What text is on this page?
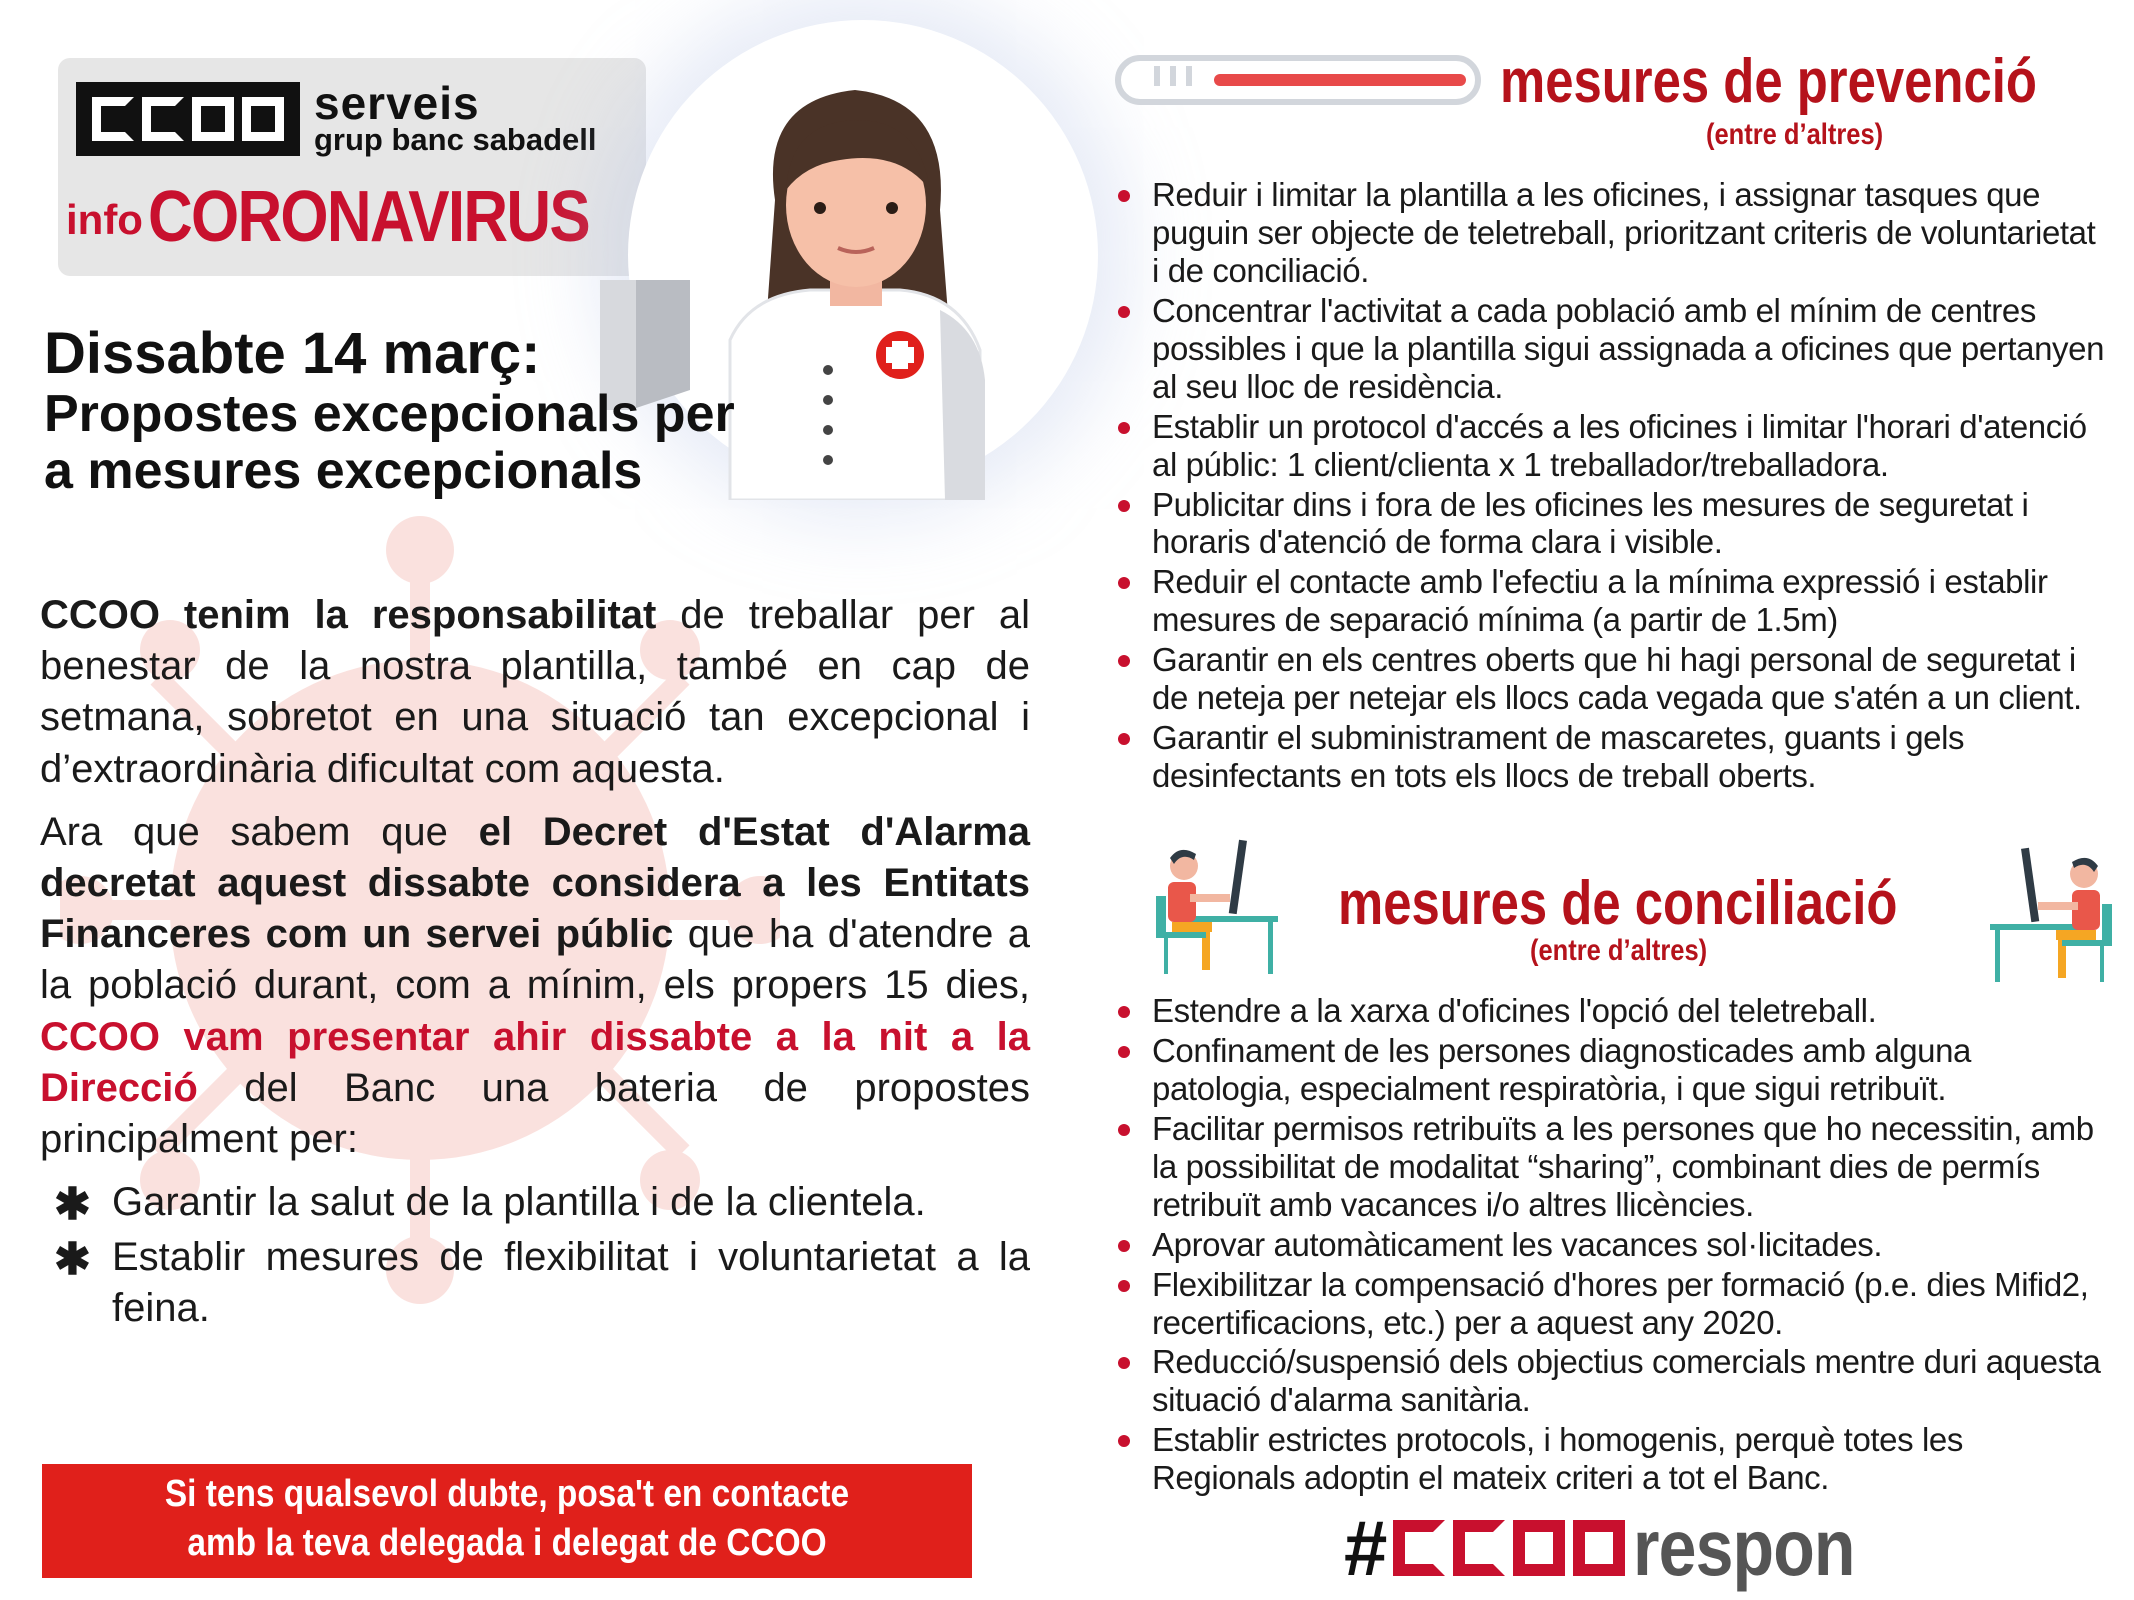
serveis
grup banc sabadell
info CORONAVIRUS
Dissabte 14 març:

Propostes excepcionals per
a mesures excepcionals

CCOO tenim la responsabilitat de treballar per al benestar de la nostra plantilla, també en cap de setmana, sobretot en una situació tan excepcional i d’extraordinària dificultat com aquesta.

Ara que sabem que el Decret d'Estat d'Alarma decretat aquest dissabte considera a les Entitats Financeres com un servei públic que ha d'atendre a la població durant, com a mínim, els propers 15 dies, CCOO vam presentar ahir dissabte a la nit a la Direcció del Banc una bateria de propostes principalment per:

✱ Garantir la salut de la plantilla i de la clientela.
✱ Establir mesures de flexibilitat i voluntarietat a la feina.
Si tens qualsevol dubte, posa't en contacte
amb la teva delegada i delegat de CCOO
mesures de prevenció
(entre d’altres)
Reduir i limitar la plantilla a les oficines, i assignar tasques que puguin ser objecte de teletreball, prioritzant criteris de voluntarietat i de conciliació.
Concentrar l'activitat a cada població amb el mínim de centres possibles i que la plantilla sigui assignada a oficines que pertanyen al seu lloc de residència.
Establir un protocol d'accés a les oficines i limitar l'horari d'atenció al públic: 1 client/clienta x 1 treballador/treballadora.
Publicitar dins i fora de les oficines les mesures de seguretat i horaris d'atenció de forma clara i visible.
Reduir el contacte amb l'efectiu a la mínima expressió i establir mesures de separació mínima (a partir de 1.5m)
Garantir en els centres oberts que hi hagi personal de seguretat i de neteja per netejar els llocs cada vegada que s'atén a un client.
Garantir el subministrament de mascaretes, guants i gels desinfectants en tots els llocs de treball oberts.
mesures de conciliació
(entre d’altres)
Estendre a la xarxa d'oficines l'opció del teletreball.
Confinament de les persones diagnosticades amb alguna patologia, especialment respiratòria, i que sigui retribuït.
Facilitar permisos retribuïts a les persones que ho necessitin, amb la possibilitat de modalitat “sharing”, combinant dies de permís retribuït amb vacances i/o altres llicències.
Aprovar automàticament les vacances sol·licitades.
Flexibilitzar la compensació d'hores per formació (p.e. dies Mifid2, recertificacions, etc.) per a aquest any 2020.
Reducció/suspensió dels objectius comercials mentre duri aquesta situació d'alarma sanitària.
Establir estrictes protocols, i homogenis, perquè totes les Regionals adoptin el mateix criteri a tot el Banc.
#	respon
